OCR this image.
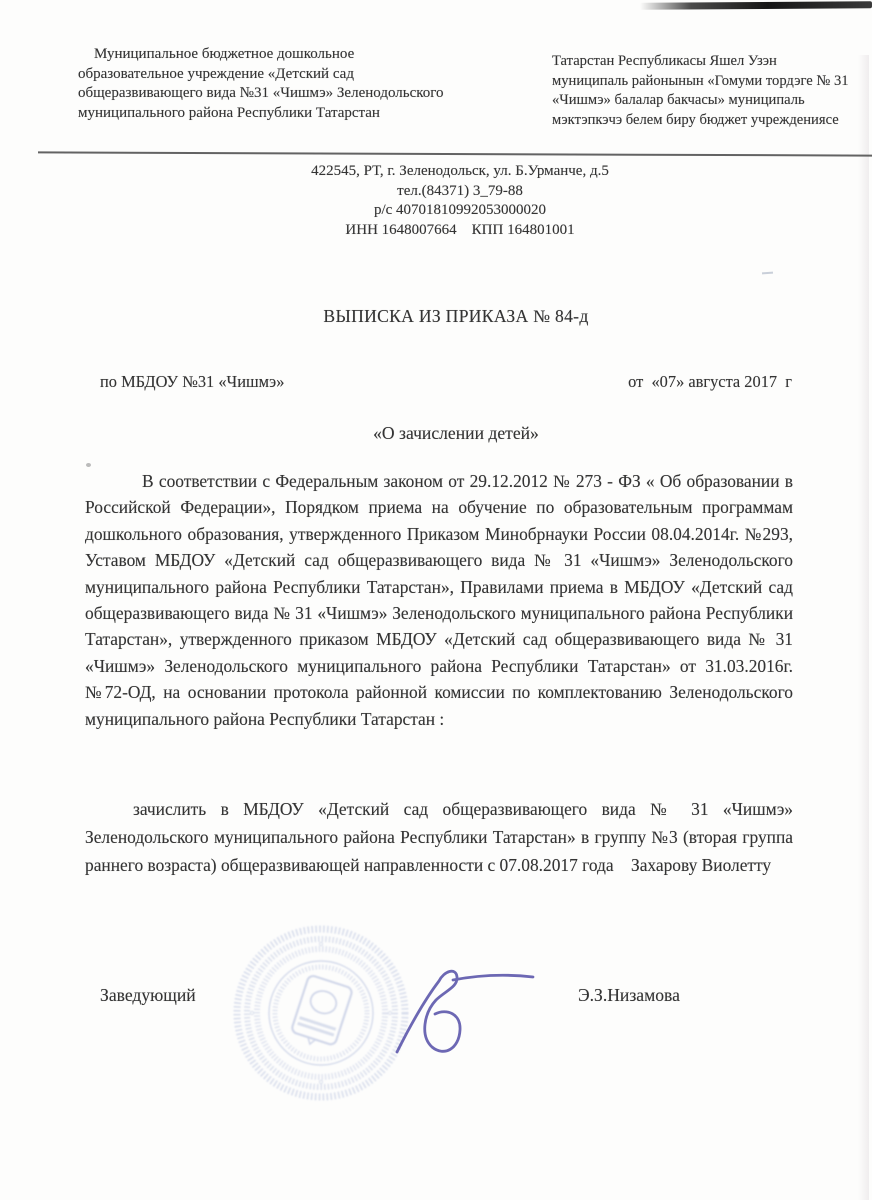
Муниципальное бюджетное дошкольное образовательное учреждение «Детский сад общеразвивающего вида №31 «Чишмэ» Зеленодольского муниципального района Республики Татарстан
Татарстан Республикасы Яшел Узэн муниципаль районынын «Гомуми тордэге № 31 «Чишмэ» балалар бакчасы» муниципаль мэктэпкэчэ белем биру бюджет учреждениясе
422545, РТ, г. Зеленодольск, ул. Б.Урманче, д.5
тел.(84371) 3_79-88
р/с 40701810992053000020
ИНН 1648007664    КПП 164801001
ВЫПИСКА ИЗ ПРИКАЗА № 84-д
по МБДОУ №31 «Чишмэ»	от  «07» августа 2017  г
«О зачислении детей»
В соответствии с Федеральным законом от 29.12.2012 № 273 - ФЗ « Об образовании в Российской Федерации», Порядком приема на обучение по образовательным программам дошкольного образования, утвержденного Приказом Минобрнауки России 08.04.2014г. №293, Уставом МБДОУ «Детский сад общеразвивающего вида № 31 «Чишмэ» Зеленодольского муниципального района Республики Татарстан», Правилами приема в МБДОУ «Детский сад общеразвивающего вида № 31 «Чишмэ» Зеленодольского муниципального района Республики Татарстан», утвержденного приказом МБДОУ «Детский сад общеразвивающего вида № 31 «Чишмэ» Зеленодольского муниципального района Республики Татарстан» от 31.03.2016г. №72-ОД, на основании протокола районной комиссии по комплектованию Зеленодольского муниципального района Республики Татарстан :
зачислить в МБДОУ «Детский сад общеразвивающего вида № 31 «Чишмэ» Зеленодольского муниципального района Республики Татарстан» в группу №3 (вторая группа раннего возраста) общеразвивающей направленности с 07.08.2017 года    Захарову Виолетту
Заведующий	Э.З.Низамова
